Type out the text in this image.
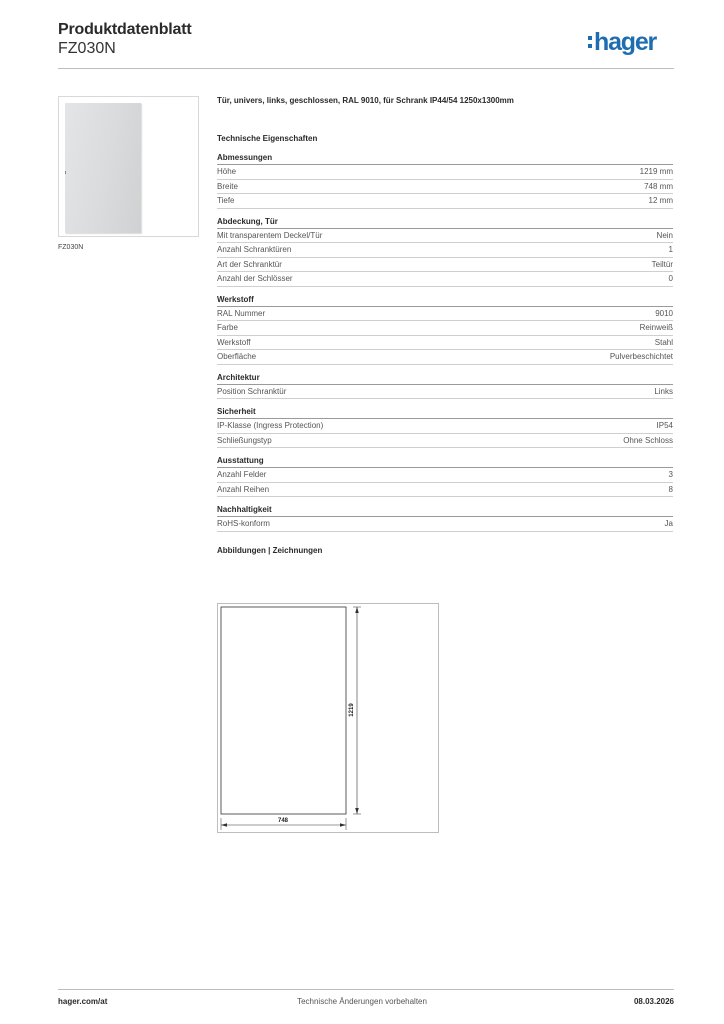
Produktdatenblatt
FZ030N	hager
FZ030N
Tür, univers, links, geschlossen, RAL 9010, für Schrank IP44/54 1250x1300mm
Technische Eigenschaften
Abmessungen
Höhe	1219 mm
Breite	748 mm
Tiefe	12 mm
Abdeckung, Tür
Mit transparentem Deckel/Tür	Nein
Anzahl Schranktüren	1
Art der Schranktür	Teiltür
Anzahl der Schlösser	0
Werkstoff
RAL Nummer	9010
Farbe	Reinweiß
Werkstoff	Stahl
Oberfläche	Pulverbeschichtet
Architektur
Position Schranktür	Links
Sicherheit
IP-Klasse (Ingress Protection)	IP54
Schließungstyp	Ohne Schloss
Ausstattung
Anzahl Felder	3
Anzahl Reihen	8
Nachhaltigkeit
RoHS-konform	Ja
Abbildungen | Zeichnungen
1219
748
hager.com/at	Technische Änderungen vorbehalten	08.03.2026
